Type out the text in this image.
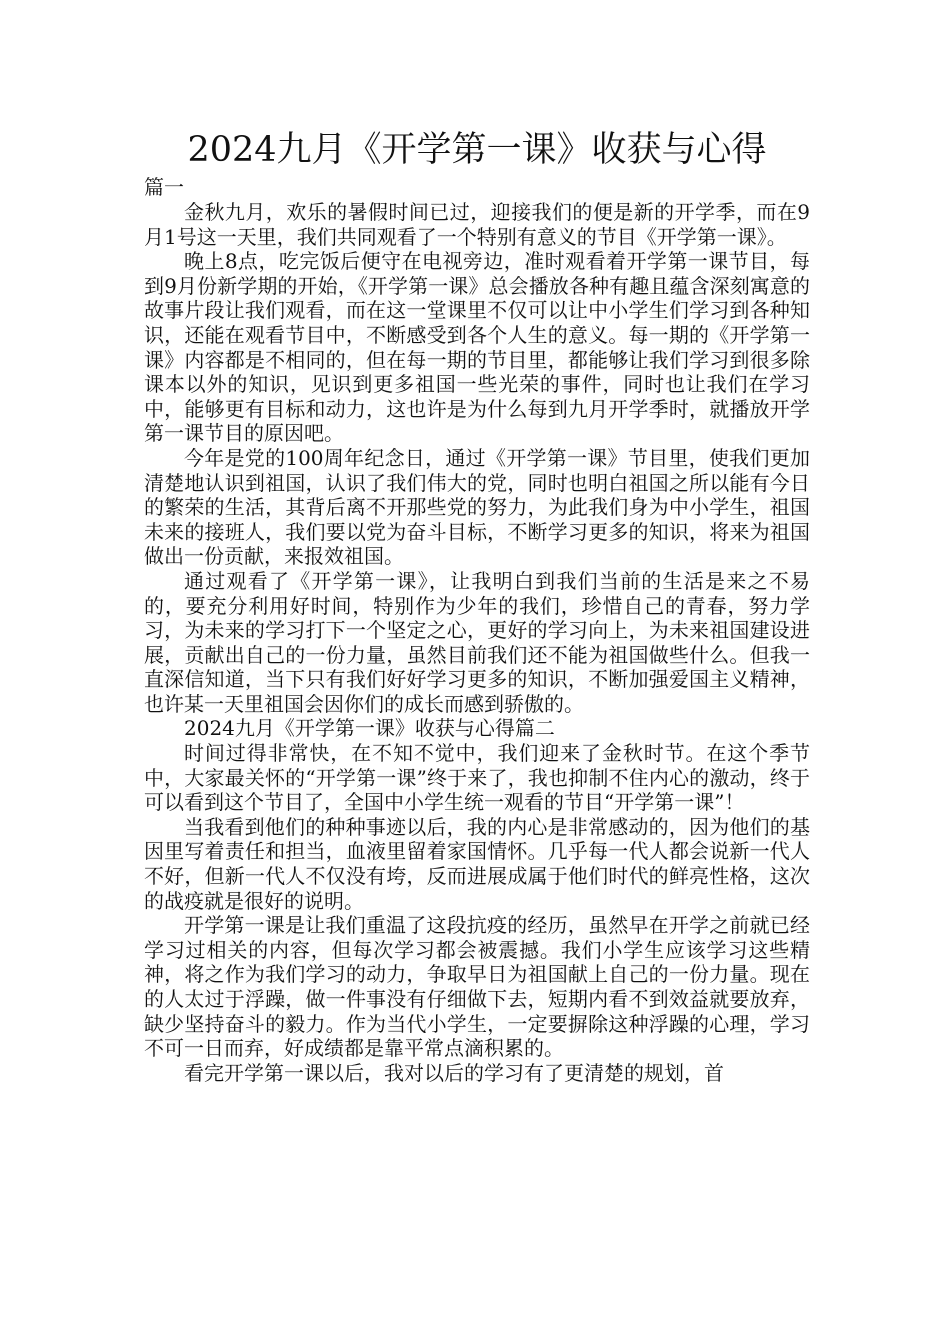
2024九月《开学第一课》收获与心得

篇一

金秋九月，欢乐的暑假时间已过，迎接我们的便是新的开学季，而在9月1号这一天里，我们共同观看了一个特别有意义的节目《开学第一课》。

晚上8点，吃完饭后便守在电视旁边，准时观看着开学第一课节目，每到9月份新学期的开始，《开学第一课》总会播放各种有趣且蕴含深刻寓意的故事片段让我们观看，而在这一堂课里不仅可以让中小学生们学习到各种知识，还能在观看节目中，不断感受到各个人生的意义。每一期的《开学第一课》内容都是不相同的，但在每一期的节目里，都能够让我们学习到很多除课本以外的知识，见识到更多祖国一些光荣的事件，同时也让我们在学习中，能够更有目标和动力，这也许是为什么每到九月开学季时，就播放开学第一课节目的原因吧。

今年是党的100周年纪念日，通过《开学第一课》节目里，使我们更加清楚地认识到祖国，认识了我们伟大的党，同时也明白祖国之所以能有今日的繁荣的生活，其背后离不开那些党的努力，为此我们身为中小学生，祖国未来的接班人，我们要以党为奋斗目标，不断学习更多的知识，将来为祖国做出一份贡献，来报效祖国。

通过观看了《开学第一课》，让我明白到我们当前的生活是来之不易的，要充分利用好时间，特别作为少年的我们，珍惜自己的青春，努力学习，为未来的学习打下一个坚定之心，更好的学习向上，为未来祖国建设进展，贡献出自己的一份力量，虽然目前我们还不能为祖国做些什么。但我一直深信知道，当下只有我们好好学习更多的知识，不断加强爱国主义精神，也许某一天里祖国会因你们的成长而感到骄傲的。

2024九月《开学第一课》收获与心得篇二

时间过得非常快，在不知不觉中，我们迎来了金秋时节。在这个季节中，大家最关怀的“开学第一课”终于来了，我也抑制不住内心的激动，终于可以看到这个节目了，全国中小学生统一观看的节目“开学第一课”！

当我看到他们的种种事迹以后，我的内心是非常感动的，因为他们的基因里写着责任和担当，血液里留着家国情怀。几乎每一代人都会说新一代人不好，但新一代人不仅没有垮，反而进展成属于他们时代的鲜亮性格，这次的战疫就是很好的说明。

开学第一课是让我们重温了这段抗疫的经历，虽然早在开学之前就已经学习过相关的内容，但每次学习都会被震撼。我们小学生应该学习这些精神，将之作为我们学习的动力，争取早日为祖国献上自己的一份力量。现在的人太过于浮躁，做一件事没有仔细做下去，短期内看不到效益就要放弃，缺少坚持奋斗的毅力。作为当代小学生，一定要摒除这种浮躁的心理，学习不可一日而弃，好成绩都是靠平常点滴积累的。

看完开学第一课以后，我对以后的学习有了更清楚的规划，首
